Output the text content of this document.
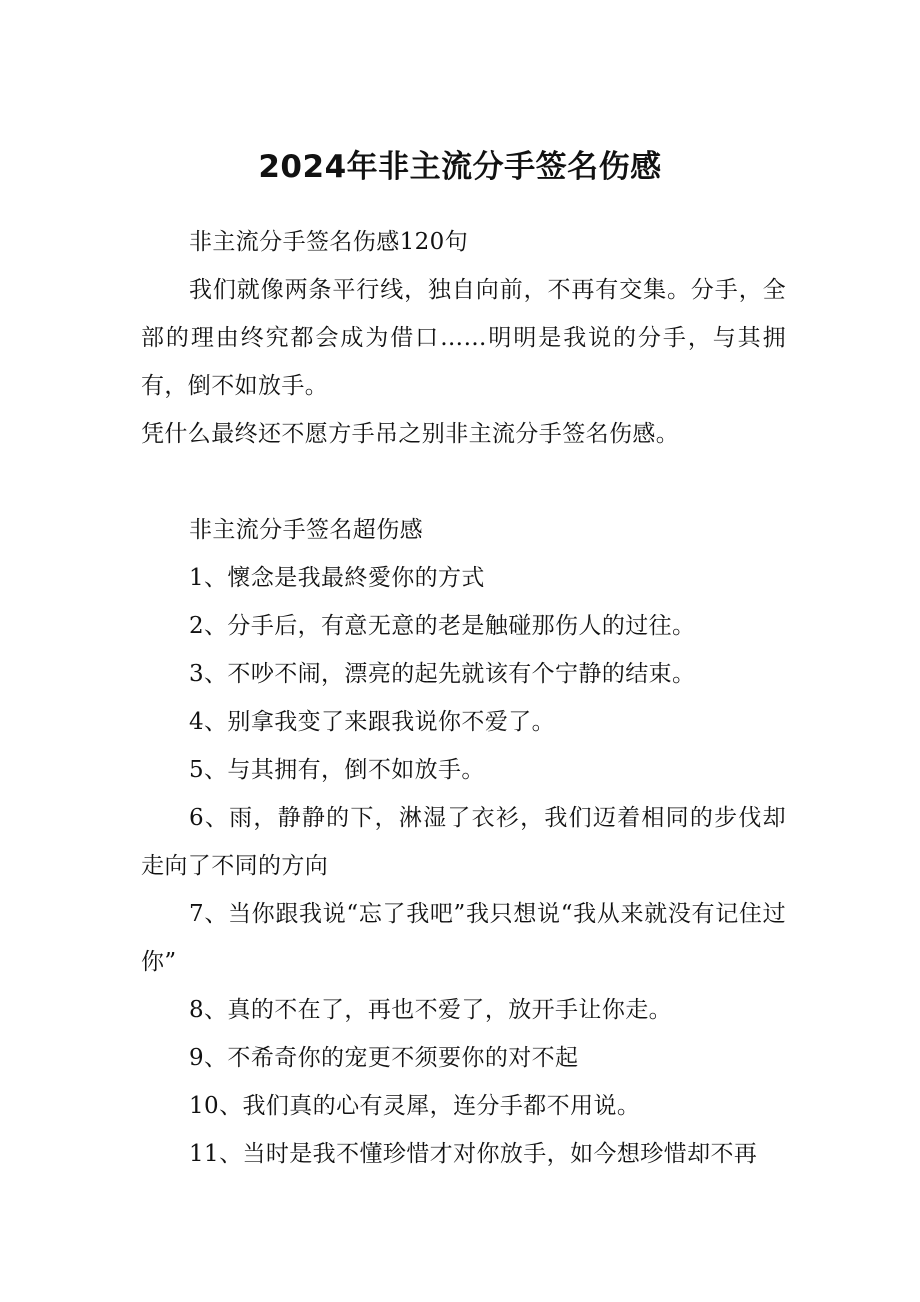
2024年非主流分手签名伤感

非主流分手签名伤感120句

我们就像两条平行线，独自向前，不再有交集。分手，全部的理由终究都会成为借口……明明是我说的分手，与其拥有，倒不如放手。

凭什么最终还不愿方手吊之别非主流分手签名伤感。

非主流分手签名超伤感

1、懷念是我最終愛你的方式

2、分手后，有意无意的老是触碰那伤人的过往。

3、不吵不闹，漂亮的起先就该有个宁静的结束。

4、别拿我变了来跟我说你不爱了。

5、与其拥有，倒不如放手。

6、雨，静静的下，淋湿了衣衫，我们迈着相同的步伐却走向了不同的方向

7、当你跟我说“忘了我吧”我只想说“我从来就没有记住过你”

8、真的不在了，再也不爱了，放开手让你走。

9、不希奇你的宠更不须要你的对不起

10、我们真的心有灵犀，连分手都不用说。

11、当时是我不懂珍惜才对你放手，如今想珍惜却不再
